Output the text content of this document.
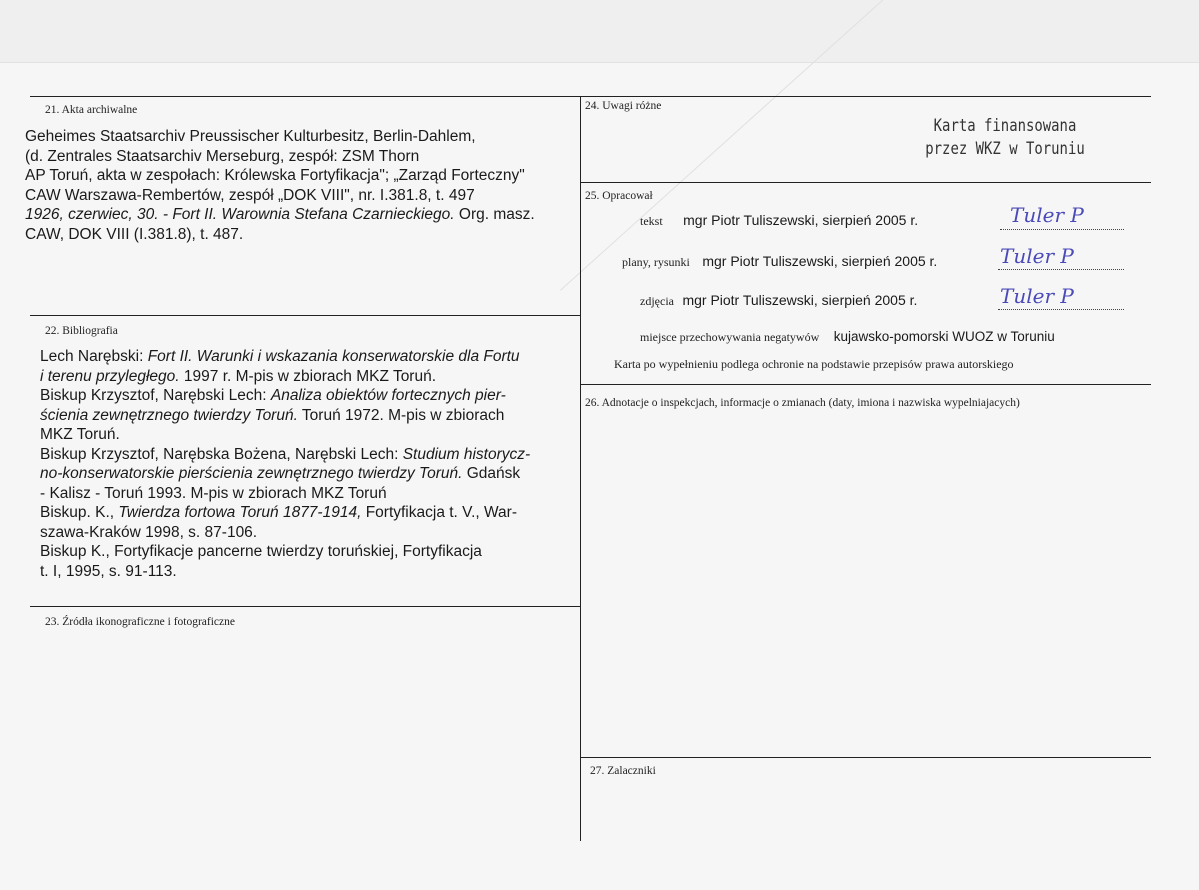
21. Akta archiwalne
Geheimes Staatsarchiv Preussischer Kulturbesitz, Berlin-Dahlem,
(d. Zentrales Staatsarchiv Merseburg, zespół: ZSM Thorn
AP Toruń, akta w zespołach: Królewska Fortyfikacja"; „Zarząd Forteczny"
CAW Warszawa-Rembertów, zespół „DOK VIII", nr. I.381.8, t. 497
1926, czerwiec, 30. - Fort II. Warownia Stefana Czarnieckiego. Org. masz.
CAW, DOK VIII (I.381.8), t. 487.
22. Bibliografia
Lech Narębski: Fort II. Warunki i wskazania konserwatorskie dla Fortu
i terenu przyległego. 1997 r. M-pis w zbiorach MKZ Toruń.
Biskup Krzysztof, Narębski Lech: Analiza obiektów fortecznych pier-
ścienia zewnętrznego twierdzy Toruń. Toruń 1972. M-pis w zbiorach
MKZ Toruń.
Biskup Krzysztof, Narębska Bożena, Narębski Lech: Studium historycz-
no-konserwatorskie pierścienia zewnętrznego twierdzy Toruń. Gdańsk
- Kalisz - Toruń 1993. M-pis w zbiorach MKZ Toruń
Biskup. K., Twierdza fortowa Toruń 1877-1914, Fortyfikacja t. V., War-
szawa-Kraków 1998, s. 87-106.
Biskup K., Fortyfikacje pancerne twierdzy toruńskiej, Fortyfikacja
t. I, 1995, s. 91-113.
23. Źródła ikonograficzne i fotograficzne
24. Uwagi różne
Karta finansowana
przez WKZ w Toruniu
25. Opracował
tekst mgr Piotr Tuliszewski, sierpień 2005 r.	Tuler P
plany, rysunki mgr Piotr Tuliszewski, sierpień 2005 r.	Tuler P
zdjęcia mgr Piotr Tuliszewski, sierpień 2005 r.	Tuler P
miejsce przechowywania negatywów kujawsko-pomorski WUOZ w Toruniu
Karta po wypełnieniu podlega ochronie na podstawie przepisów prawa autorskiego
26. Adnotacje o inspekcjach, informacje o zmianach (daty, imiona i nazwiska wypelniajacych)
27. Zalaczniki
